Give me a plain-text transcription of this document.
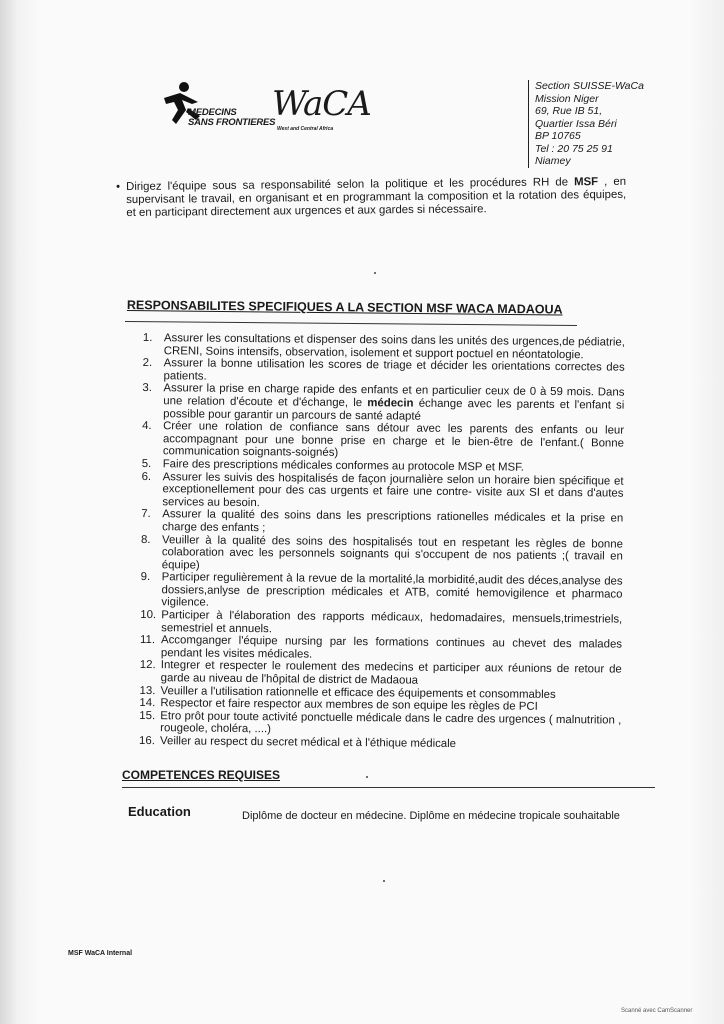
MEDECINS
SANS FRONTIERES
WaCA
West and Central Africa
Section SUISSE-WaCa
Mission Niger
69, Rue IB 51,
Quartier Issa Béri
BP 10765
Tel : 20 75 25 91
Niamey
• Dirigez l'équipe sous sa responsabilité selon la politique et les procédures RH de MSF , en supervisant le travail, en organisant et en programmant la composition et la rotation des équipes, et en participant directement aux urgences et aux gardes si nécessaire.
RESPONSABILITES SPECIFIQUES A LA SECTION MSF WACA MADAOUA
1. Assurer les consultations et dispenser des soins dans les unités des urgences,de pédiatrie, CRENI, Soins intensifs, observation, isolement et support poctuel en néontatologie.
2. Assurer la bonne utilisation les scores de triage et décider les orientations correctes des patients.
3. Assurer la prise en charge rapide des enfants et en particulier ceux de 0 à 59 mois. Dans une relation d'écoute et d'échange, le médecin échange avec les parents et l'enfant si possible pour garantir un parcours de santé adapté
4. Créer une rolation de confiance sans détour avec les parents des enfants ou leur accompagnant pour une bonne prise en charge et le bien-être de l'enfant.( Bonne communication soignants-soignés)
5. Faire des prescriptions médicales conformes au protocole MSP et MSF.
6. Assurer les suivis des hospitalisés de façon journalière selon un horaire bien spécifique et exceptionellement pour des cas urgents et faire une contre- visite aux SI et dans d'autes services au besoin.
7. Assurer la qualité des soins dans les prescriptions rationelles médicales et la prise en charge des enfants ;
8. Veuiller à la qualité des soins des hospitalisés tout en respetant les règles de bonne colaboration avec les personnels soignants qui s'occupent de nos patients ;( travail en équipe)
9. Participer regulièrement à la revue de la mortalité,la morbidité,audit des déces,analyse des dossiers,anlyse de prescription médicales et ATB, comité hemovigilence et pharmaco vigilence.
10. Participer à l'élaboration des rapports médicaux, hedomadaires, mensuels,trimestriels, semestriel et annuels.
11. Accomganger l'équipe nursing par les formations continues au chevet des malades pendant les visites médicales.
12. Integrer et respecter le roulement des medecins et participer aux réunions de retour de garde au niveau de l'hôpital de district de Madaoua
13. Veuiller a l'utilisation rationnelle et efficace des équipements et consommables
14. Respector et faire respector aux membres de son equipe les règles de PCI
15. Etro prôt pour toute activité ponctuelle médicale dans le cadre des urgences ( malnutrition , rougeole, choléra, ....)
16. Veiller au respect du secret médical et à l'éthique médicale
COMPETENCES REQUISES
Education	Diplôme de docteur en médecine. Diplôme en médecine tropicale souhaitable
MSF WaCA Internal
Scanné avec CamScanner
